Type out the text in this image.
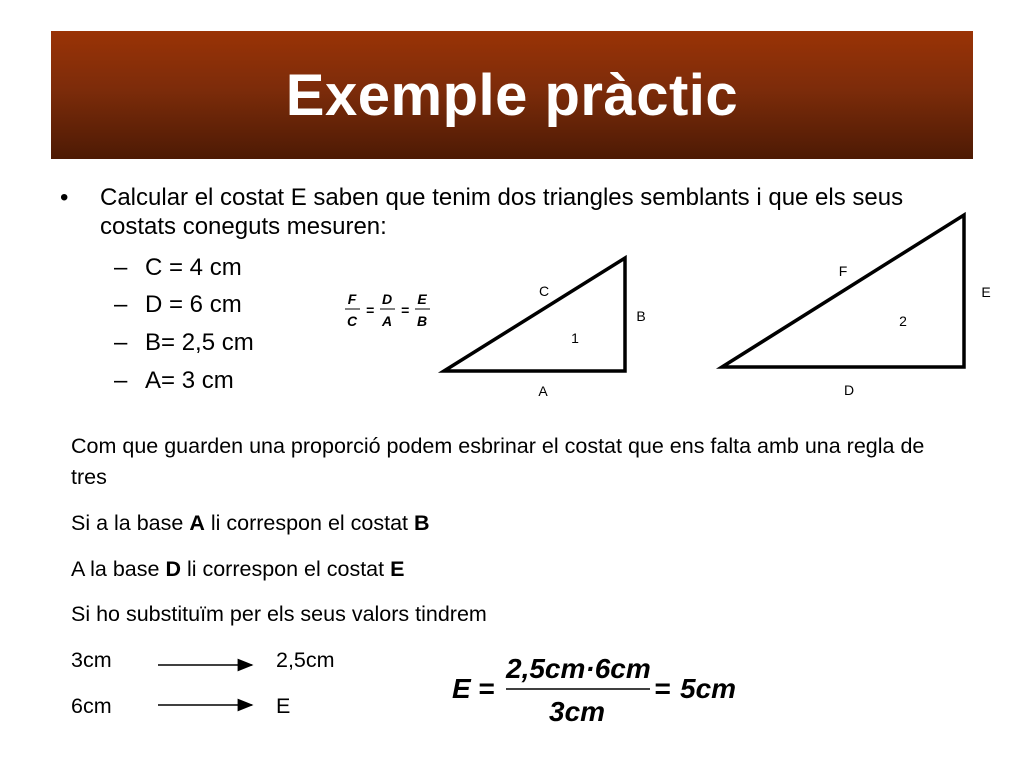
Exemple pràctic
• Calcular el costat E saben que tenim dos triangles semblants i que els seus costats coneguts mesuren:
– C = 4 cm
– D = 6 cm
– B= 2,5 cm
– A= 3 cm
F
C
=
D
A
=
E
B
C
B
A
1
F
E
D
2
Com que guarden una proporció podem esbrinar el costat que ens falta amb una regla de tres
Si a la base A li correspon el costat B
A la base D li correspon el costat E
Si ho substituïm per els seus valors tindrem
3cm	2,5cm
6cm	E
E =
2,5cm·6cm
3cm
= 5cm
